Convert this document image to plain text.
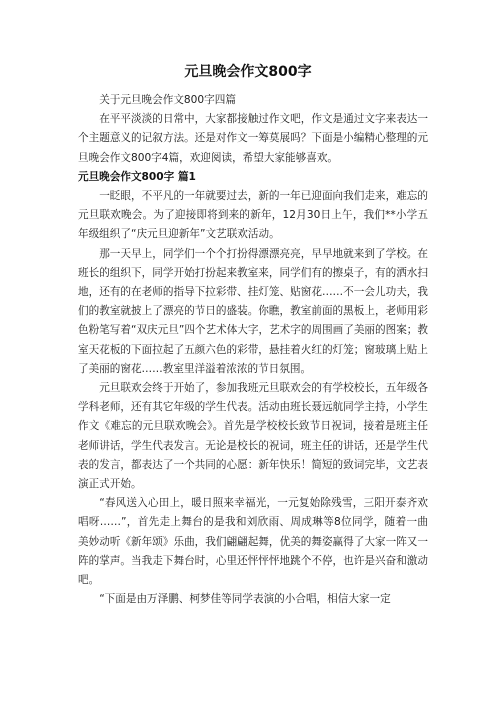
元旦晚会作文800字

关于元旦晚会作文800字四篇

在平平淡淡的日常中，大家都接触过作文吧，作文是通过文字来表达一个主题意义的记叙方法。还是对作文一筹莫展吗？下面是小编精心整理的元旦晚会作文800字4篇，欢迎阅读，希望大家能够喜欢。

元旦晚会作文800字 篇1

一眨眼，不平凡的一年就要过去，新的一年已迎面向我们走来，难忘的元旦联欢晚会。为了迎接即将到来的新年，12月30日上午，我们**小学五年级组织了“庆元旦迎新年”文艺联欢活动。

那一天早上，同学们一个个打扮得漂漂亮亮，早早地就来到了学校。在班长的组织下，同学开始打扮起来教室来，同学们有的擦桌子，有的洒水扫地，还有的在老师的指导下拉彩带、挂灯笼、贴窗花……不一会儿功夫，我们的教室就披上了漂亮的节日的盛装。你瞧，教室前面的黑板上，老师用彩色粉笔写着“双庆元旦”四个艺术体大字，艺术字的周围画了美丽的图案；教室天花板的下面拉起了五颜六色的彩带，悬挂着火红的灯笼；窗玻璃上贴上了美丽的窗花……教室里洋溢着浓浓的节日氛围。

元旦联欢会终于开始了，参加我班元旦联欢会的有学校校长，五年级各学科老师，还有其它年级的学生代表。活动由班长聂远航同学主持，小学生作文《难忘的元旦联欢晚会》。首先是学校校长致节日祝词，接着是班主任老师讲话，学生代表发言。无论是校长的祝词，班主任的讲话，还是学生代表的发言，都表达了一个共同的心愿：新年快乐！简短的致词完毕，文艺表演正式开始。

“春风送入心田上，暖日照来幸福光，一元复始除残雪，三阳开泰齐欢唱呀……”，首先走上舞台的是我和刘欣雨、周成琳等8位同学，随着一曲美妙动听《新年颂》乐曲，我们翩翩起舞，优美的舞姿赢得了大家一阵又一阵的掌声。当我走下舞台时，心里还怦怦怦地跳个不停，也许是兴奋和激动吧。

“下面是由万泽鹏、柯梦佳等同学表演的小合唱，相信大家一定
